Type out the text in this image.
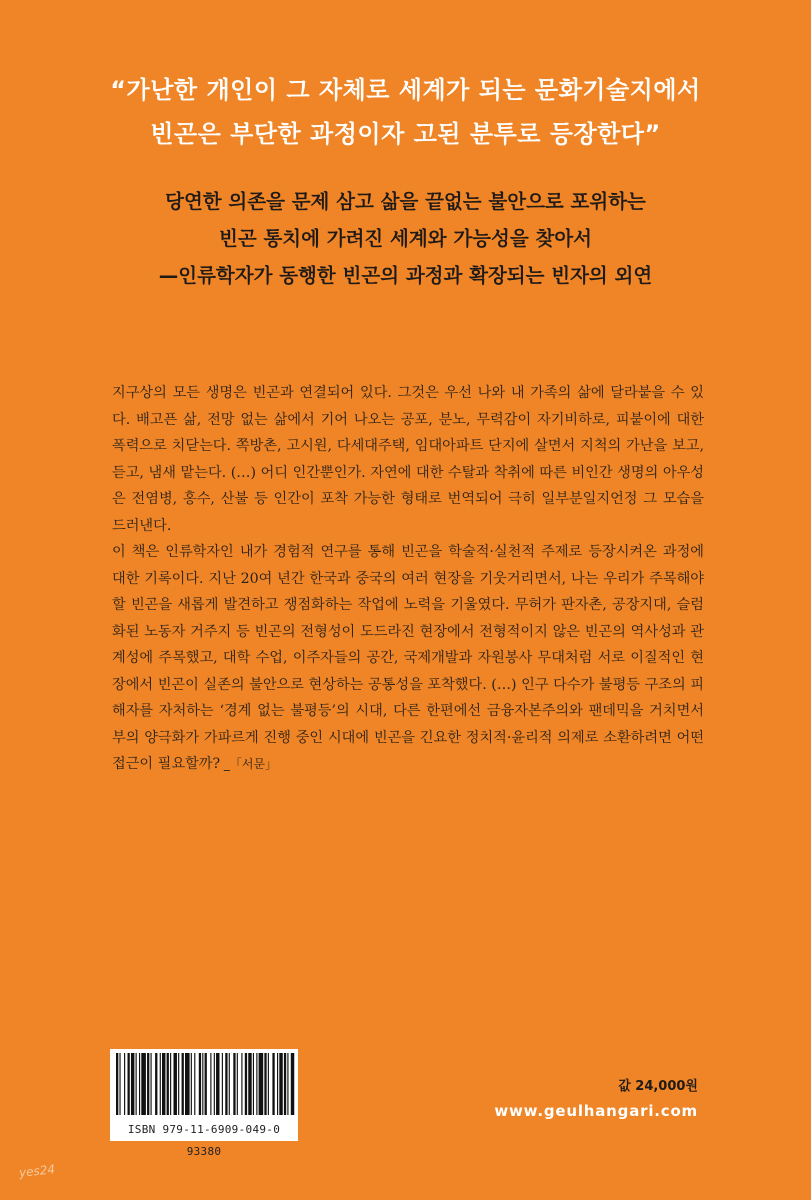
“가난한 개인이 그 자체로 세계가 되는 문화기술지에서
빈곤은 부단한 과정이자 고된 분투로 등장한다”
당연한 의존을 문제 삼고 삶을 끝없는 불안으로 포위하는
빈곤 통치에 가려진 세계와 가능성을 찾아서
—인류학자가 동행한 빈곤의 과정과 확장되는 빈자의 외연

지구상의 모든 생명은 빈곤과 연결되어 있다. 그것은 우선 나와 내 가족의 삶에 달라붙을 수 있다. 배고픈 삶, 전망 없는 삶에서 기어 나오는 공포, 분노, 무력감이 자기비하로, 피붙이에 대한 폭력으로 치닫는다. 쪽방촌, 고시원, 다세대주택, 임대아파트 단지에 살면서 지척의 가난을 보고, 듣고, 냄새 맡는다. (…) 어디 인간뿐인가. 자연에 대한 수탈과 착취에 따른 비인간 생명의 아우성은 전염병, 홍수, 산불 등 인간이 포착 가능한 형태로 번역되어 극히 일부분일지언정 그 모습을 드러낸다.

이 책은 인류학자인 내가 경험적 연구를 통해 빈곤을 학술적·실천적 주제로 등장시켜온 과정에 대한 기록이다. 지난 20여 년간 한국과 중국의 여러 현장을 기웃거리면서, 나는 우리가 주목해야 할 빈곤을 새롭게 발견하고 쟁점화하는 작업에 노력을 기울였다. 무허가 판자촌, 공장지대, 슬럼화된 노동자 거주지 등 빈곤의 전형성이 도드라진 현장에서 전형적이지 않은 빈곤의 역사성과 관계성에 주목했고, 대학 수업, 이주자들의 공간, 국제개발과 자원봉사 무대처럼 서로 이질적인 현장에서 빈곤이 실존의 불안으로 현상하는 공통성을 포착했다. (…) 인구 다수가 불평등 구조의 피해자를 자처하는 ‘경계 없는 불평등’의 시대, 다른 한편에선 금융자본주의와 팬데믹을 거치면서 부의 양극화가 가파르게 진행 중인 시대에 빈곤을 긴요한 정치적·윤리적 의제로 소환하려면 어떤 접근이 필요할까? _「서문」

ISBN 979-11-6909-049-0 93380
값 24,000원
www.geulhangari.com
yes24
